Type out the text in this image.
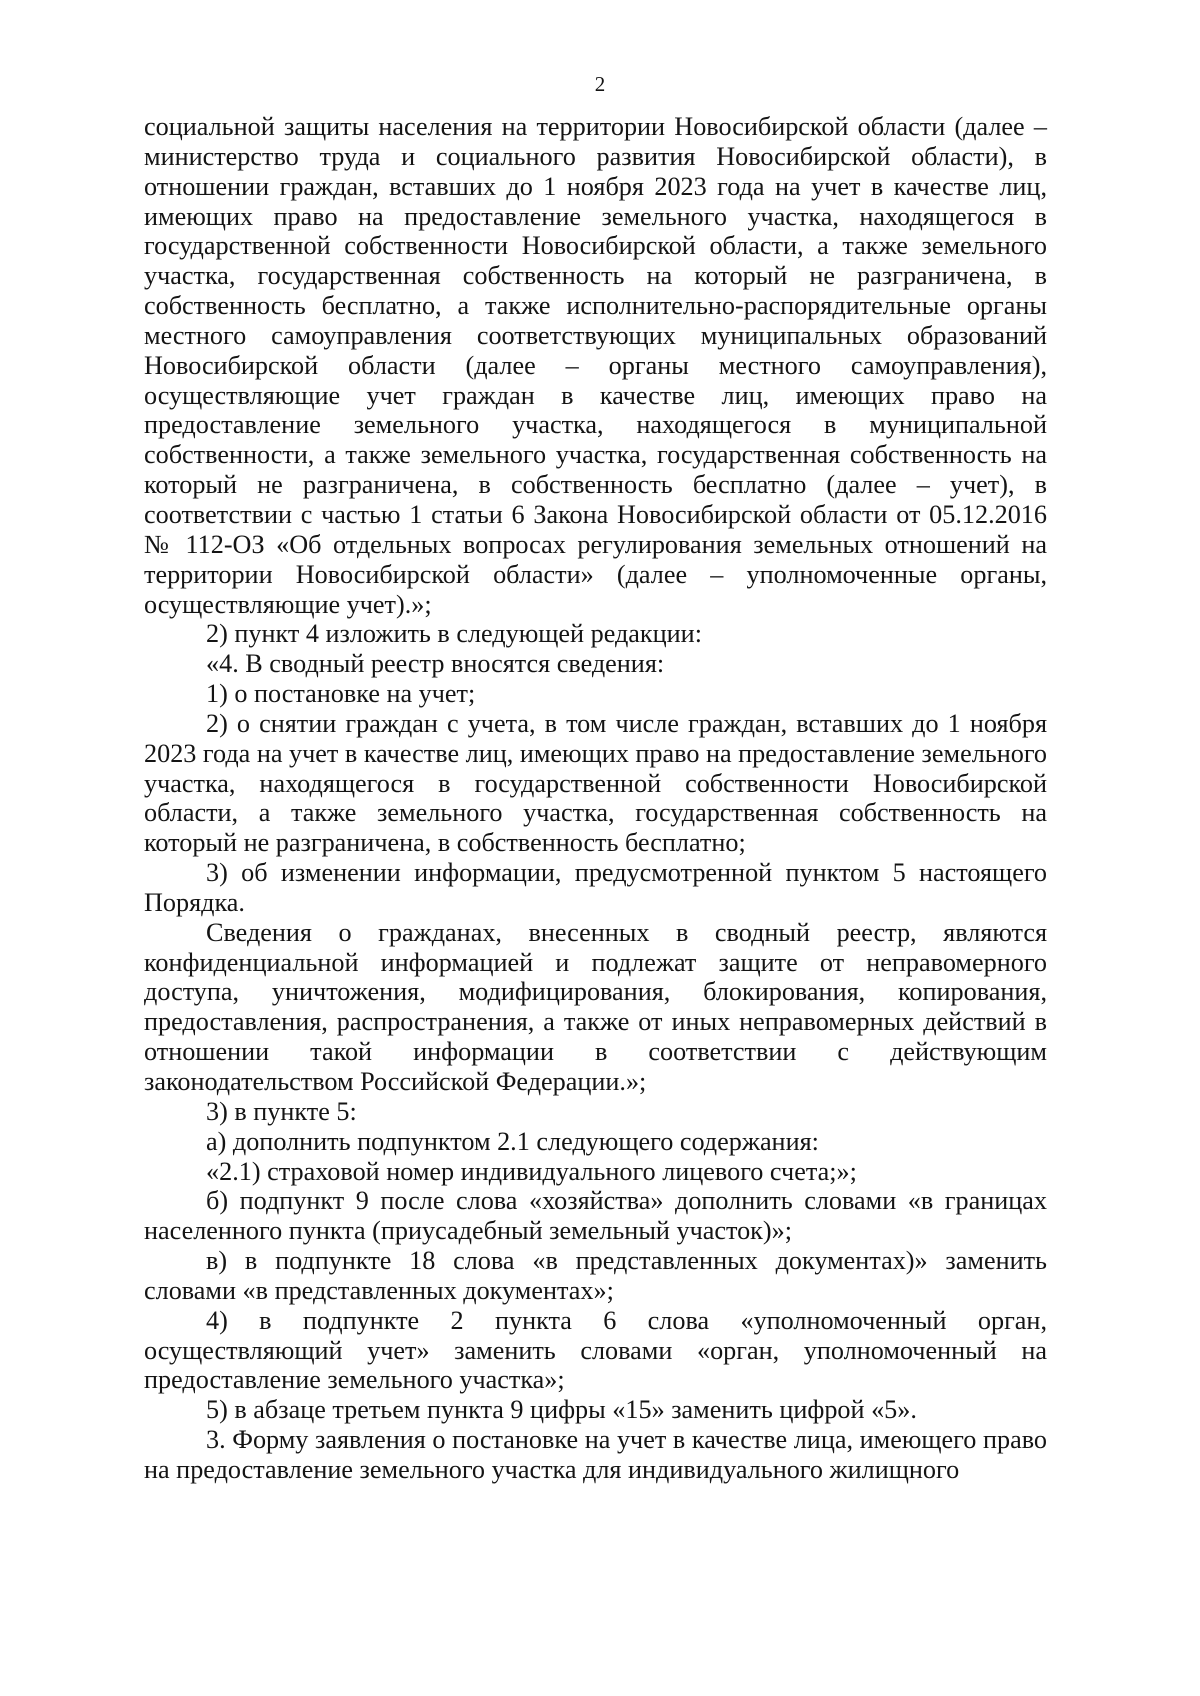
2

социальной защиты населения на территории Новосибирской области (далее – министерство труда и социального развития Новосибирской области), в отношении граждан, вставших до 1 ноября 2023 года на учет в качестве лиц, имеющих право на предоставление земельного участка, находящегося в государственной собственности Новосибирской области, а также земельного участка, государственная собственность на который не разграничена, в собственность бесплатно, а также исполнительно-распорядительные органы местного самоуправления соответствующих муниципальных образований Новосибирской области (далее – органы местного самоуправления), осуществляющие учет граждан в качестве лиц, имеющих право на предоставление земельного участка, находящегося в муниципальной собственности, а также земельного участка, государственная собственность на который не разграничена, в собственность бесплатно (далее – учет), в соответствии с частью 1 статьи 6 Закона Новосибирской области от 05.12.2016 № 112-ОЗ «Об отдельных вопросах регулирования земельных отношений на территории Новосибирской области» (далее – уполномоченные органы, осуществляющие учет).»;

2) пункт 4 изложить в следующей редакции:

«4. В сводный реестр вносятся сведения:

1) о постановке на учет;

2) о снятии граждан с учета, в том числе граждан, вставших до 1 ноября 2023 года на учет в качестве лиц, имеющих право на предоставление земельного участка, находящегося в государственной собственности Новосибирской области, а также земельного участка, государственная собственность на который не разграничена, в собственность бесплатно;

3) об изменении информации, предусмотренной пунктом 5 настоящего Порядка.

Сведения о гражданах, внесенных в сводный реестр, являются конфиденциальной информацией и подлежат защите от неправомерного доступа, уничтожения, модифицирования, блокирования, копирования, предоставления, распространения, а также от иных неправомерных действий в отношении такой информации в соответствии с действующим законодательством Российской Федерации.»;

3) в пункте 5:

а) дополнить подпунктом 2.1 следующего содержания:

«2.1) страховой номер индивидуального лицевого счета;»;

б) подпункт 9 после слова «хозяйства» дополнить словами «в границах населенного пункта (приусадебный земельный участок)»;

в) в подпункте 18 слова «в представленных документах)» заменить словами «в представленных документах»;

4) в подпункте 2 пункта 6 слова «уполномоченный орган, осуществляющий учет» заменить словами «орган, уполномоченный на предоставление земельного участка»;

5) в абзаце третьем пункта 9 цифры «15» заменить цифрой «5».

3. Форму заявления о постановке на учет в качестве лица, имеющего право на предоставление земельного участка для индивидуального жилищного
